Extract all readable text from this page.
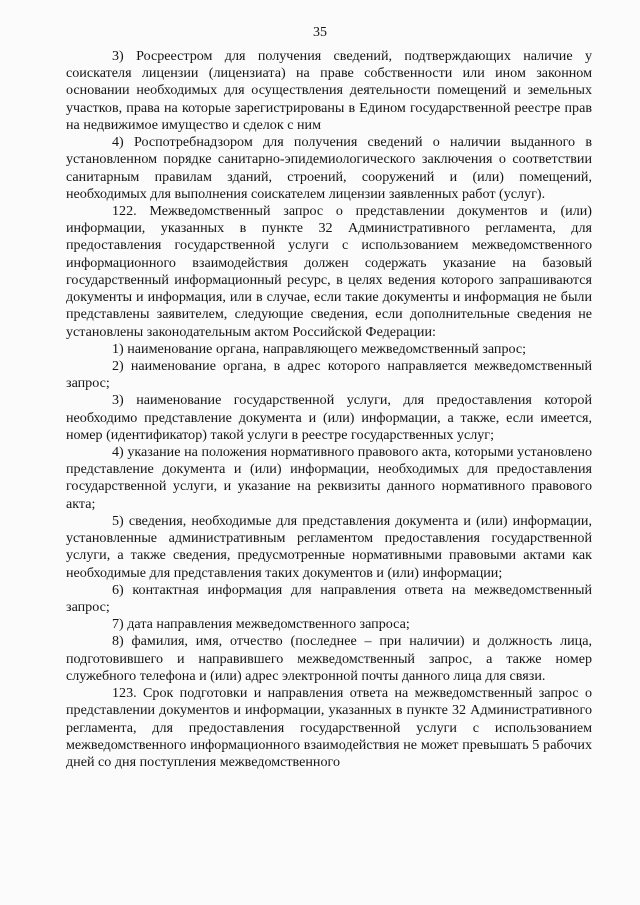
35

3) Росреестром для получения сведений, подтверждающих наличие у соискателя лицензии (лицензиата) на праве собственности или ином законном основании необходимых для осуществления деятельности помещений и земельных участков, права на которые зарегистрированы в Едином государственной реестре прав на недвижимое имущество и сделок с ним

4) Роспотребнадзором для получения сведений о наличии выданного в установленном порядке санитарно-эпидемиологического заключения о соответствии санитарным правилам зданий, строений, сооружений и (или) помещений, необходимых для выполнения соискателем лицензии заявленных работ (услуг).

122. Межведомственный запрос о представлении документов и (или) информации, указанных в пункте 32 Административного регламента, для предоставления государственной услуги с использованием межведомственного информационного взаимодействия должен содержать указание на базовый государственный информационный ресурс, в целях ведения которого запрашиваются документы и информация, или в случае, если такие документы и информация не были представлены заявителем, следующие сведения, если дополнительные сведения не установлены законодательным актом Российской Федерации:

1) наименование органа, направляющего межведомственный запрос;

2) наименование органа, в адрес которого направляется межведомственный запрос;

3) наименование государственной услуги, для предоставления которой необходимо представление документа и (или) информации, а также, если имеется, номер (идентификатор) такой услуги в реестре государственных услуг;

4) указание на положения нормативного правового акта, которыми установлено представление документа и (или) информации, необходимых для предоставления государственной услуги, и указание на реквизиты данного нормативного правового акта;

5) сведения, необходимые для представления документа и (или) информации, установленные административным регламентом предоставления государственной услуги, а также сведения, предусмотренные нормативными правовыми актами как необходимые для представления таких документов и (или) информации;

6) контактная информация для направления ответа на межведомственный запрос;

7) дата направления межведомственного запроса;

8) фамилия, имя, отчество (последнее – при наличии) и должность лица, подготовившего и направившего межведомственный запрос, а также номер служебного телефона и (или) адрес электронной почты данного лица для связи.

123. Срок подготовки и направления ответа на межведомственный запрос о представлении документов и информации, указанных в пункте 32 Административного регламента, для предоставления государственной услуги с использованием межведомственного информационного взаимодействия не может превышать 5 рабочих дней со дня поступления межведомственного
